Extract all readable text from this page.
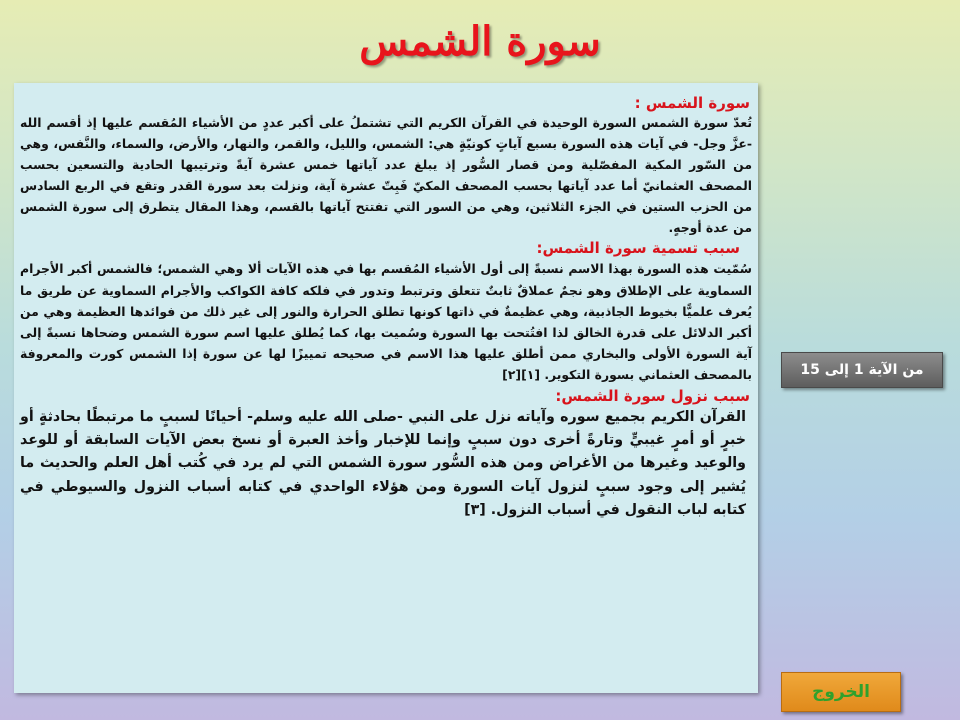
سورة الشمس

سورة الشمس :

تُعدّ سورة الشمس السورة الوحيدة في القرآن الكريم التي تشتملُ على أكبر عددٍ من الأشياء المُقسم عليها إذ أقسم الله -عزَّ وجل- في آيات هذه السورة بسبع آياتٍ كونيّةٍ هي: الشمس، والليل، والقمر، والنهار، والأرض، والسماء، والنَّفس، وهي من السّور المكية المفصّلية ومن قصار السُّور إذ يبلغ عدد آياتها خمس عشرة آيةً وترتيبها الحادية والتسعين بحسب المصحف العثمانيّ أما عدد آياتها بحسب المصحف المكيّ فَبِتّ عشرة آية، ونزلت بعد سورة القدر وتقع في الربع السادس من الحزب الستين في الجزء الثلاثين، وهي من السور التي تفتتح آياتها بالقسم، وهذا المقال يتطرق إلى سورة الشمس من عدة أوجهٍ.

سبب تسمية سورة الشمس:

سُمّيت هذه السورة بهذا الاسم نسبةً إلى أول الأشياء المُقسم بها في هذه الآيات ألا وهي الشمس؛ فالشمس أكبر الأجرام السماوية على الإطلاق وهو نجمٌ عملاقٌ ثابتٌ تتعلق وترتبط وتدور في فلكه كافة الكواكب والأجرام السماوية عن طريق ما يُعرف علميًّا بخيوط الجاذبية، وهي عظيمةٌ في ذاتها كونها تطلق الحرارة والنور إلى غير ذلك من فوائدها العظيمة وهي من أكبر الدلائل على قدرة الخالق لذا افتُتحت بها السورة وسُميت بها، كما يُطلق عليها اسم سورة الشمس وضحاها نسبةً إلى آية السورة الأولى والبخاري ممن أطلق عليها هذا الاسم في صحيحه تمييزًا لها عن سورة إذا الشمس كورت والمعروفة بالمصحف العثماني بسورة التكوير. [١][٢]

سبب نزول سورة الشمس:

القرآن الكريم بجميع سوره وآياته نزل على النبي -صلى الله عليه وسلم- أحيانًا لسببٍ ما مرتبطًا بحادثةٍ أو خبرٍ أو أمرٍ غيبيٍّ وتارةً أخرى دون سببٍ وإنما للإخبار وأخذ العبرة أو نسخ بعض الآيات السابقة أو للوعد والوعيد وغيرها من الأغراض ومن هذه السُّور سورة الشمس التي لم يرد في كُتب أهل العلم والحديث ما يُشير إلى وجود سببٍ لنزول آيات السورة ومن هؤلاء الواحدي في كتابه أسباب النزول والسيوطي في كتابه لباب النقول في أسباب النزول. [٣]

من الآية 1 إلى 15
الخروج
